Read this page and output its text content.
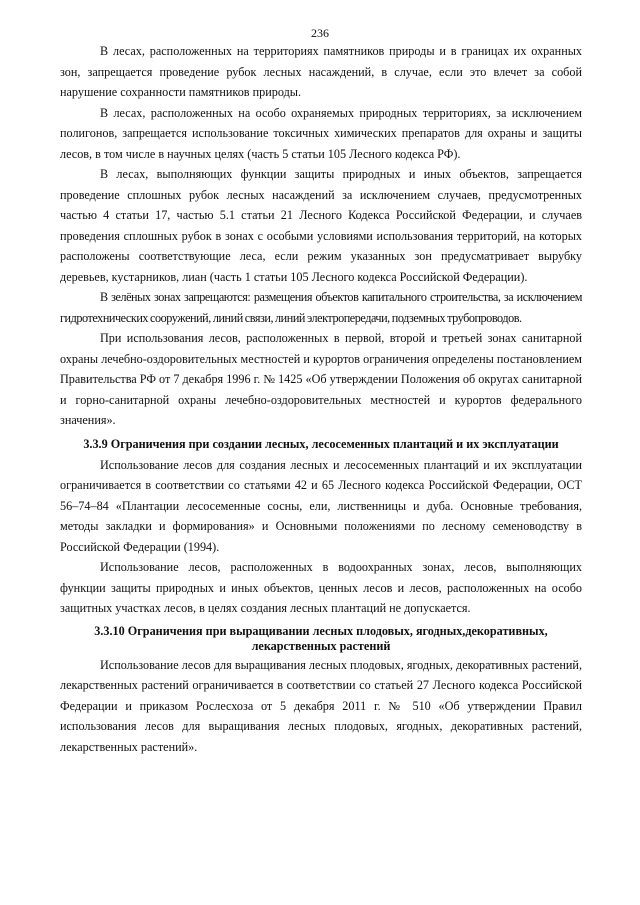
236

В лесах, расположенных на территориях памятников природы и в границах их охранных зон, запрещается проведение рубок лесных насаждений, в случае, если это влечет за собой нарушение сохранности памятников природы.

В лесах, расположенных на особо охраняемых природных территориях, за исключением полигонов, запрещается использование токсичных химических препаратов для охраны и защиты лесов, в том числе в научных целях (часть 5 статьи 105 Лесного кодекса РФ).

В лесах, выполняющих функции защиты природных и иных объектов, запрещается проведение сплошных рубок лесных насаждений за исключением случаев, предусмотренных частью 4 статьи 17, частью 5.1 статьи 21 Лесного Кодекса Российской Федерации, и случаев проведения сплошных рубок в зонах с особыми условиями использования территорий, на которых расположены соответствующие леса, если режим указанных зон предусматривает вырубку деревьев, кустарников, лиан (часть 1 статьи 105 Лесного кодекса Российской Федерации).

В зелёных зонах запрещаются: размещения объектов капитального строительства, за исключением гидротехнических сооружений, линий связи, линий электропередачи, подземных трубопроводов.

При использования лесов, расположенных в первой, второй и третьей зонах санитарной охраны лечебно-оздоровительных местностей и курортов ограничения определены постановлением Правительства РФ от 7 декабря 1996 г. № 1425 «Об утверждении Положения об округах санитарной и горно-санитарной охраны лечебно-оздоровительных местностей и курортов федерального значения».

3.3.9 Ограничения при создании лесных, лесосеменных плантаций и их эксплуатации

Использование лесов для создания лесных и лесосеменных плантаций и их эксплуатации ограничивается в соответствии со статьями 42 и 65 Лесного кодекса Российской Федерации, ОСТ 56–74–84 «Плантации лесосеменные сосны, ели, лиственницы и дуба. Основные требования, методы закладки и формирования» и Основными положениями по лесному семеноводству в Российской Федерации (1994).

Использование лесов, расположенных в водоохранных зонах, лесов, выполняющих функции защиты природных и иных объектов, ценных лесов и лесов, расположенных на особо защитных участках лесов, в целях создания лесных плантаций не допускается.

3.3.10 Ограничения при выращивании лесных плодовых, ягодных,декоративных,
лекарственных растений

Использование лесов для выращивания лесных плодовых, ягодных, декоративных растений, лекарственных растений ограничивается в соответствии со статьей 27 Лесного кодекса Российской Федерации и приказом Рослесхоза от 5 декабря 2011 г. № 510 «Об утверждении Правил использования лесов для выращивания лесных плодовых, ягодных, декоративных растений, лекарственных растений».
